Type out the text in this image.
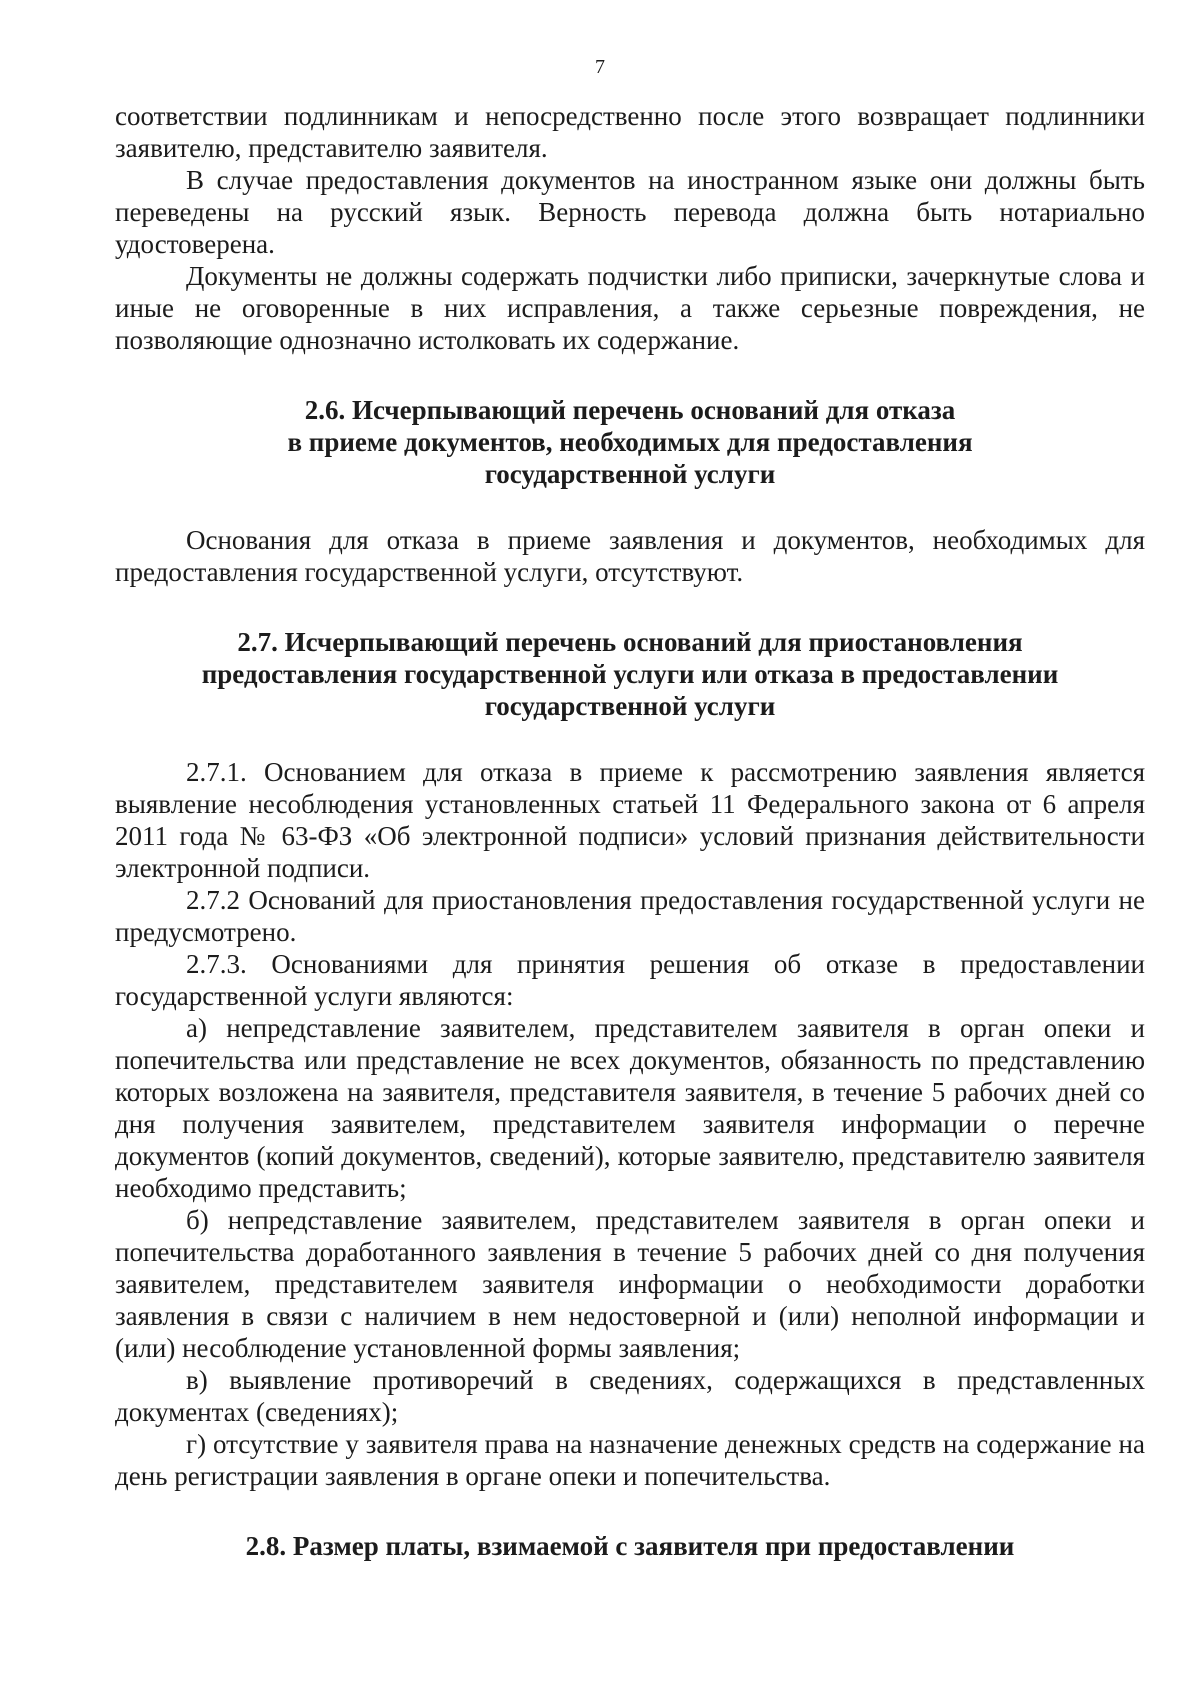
7

соответствии подлинникам и непосредственно после этого возвращает подлинники заявителю, представителю заявителя.

В случае предоставления документов на иностранном языке они должны быть переведены на русский язык. Верность перевода должна быть нотариально удостоверена.

Документы не должны содержать подчистки либо приписки, зачеркнутые слова и иные не оговоренные в них исправления, а также серьезные повреждения, не позволяющие однозначно истолковать их содержание.

2.6. Исчерпывающий перечень оснований для отказа
в приеме документов, необходимых для предоставления
государственной услуги

Основания для отказа в приеме заявления и документов, необходимых для предоставления государственной услуги, отсутствуют.

2.7. Исчерпывающий перечень оснований для приостановления
предоставления государственной услуги или отказа в предоставлении
государственной услуги

2.7.1. Основанием для отказа в приеме к рассмотрению заявления является выявление несоблюдения установленных статьей 11 Федерального закона от 6 апреля 2011 года № 63-ФЗ «Об электронной подписи» условий признания действительности электронной подписи.

2.7.2 Оснований для приостановления предоставления государственной услуги не предусмотрено.

2.7.3. Основаниями для принятия решения об отказе в предоставлении государственной услуги являются:

а) непредставление заявителем, представителем заявителя в орган опеки и попечительства или представление не всех документов, обязанность по представлению которых возложена на заявителя, представителя заявителя, в течение 5 рабочих дней со дня получения заявителем, представителем заявителя информации о перечне документов (копий документов, сведений), которые заявителю, представителю заявителя необходимо представить;

б) непредставление заявителем, представителем заявителя в орган опеки и попечительства доработанного заявления в течение 5 рабочих дней со дня получения заявителем, представителем заявителя информации о необходимости доработки заявления в связи с наличием в нем недостоверной и (или) неполной информации и (или) несоблюдение установленной формы заявления;

в) выявление противоречий в сведениях, содержащихся в представленных документах (сведениях);

г) отсутствие у заявителя права на назначение денежных средств на содержание на день регистрации заявления в органе опеки и попечительства.

2.8. Размер платы, взимаемой с заявителя при предоставлении
